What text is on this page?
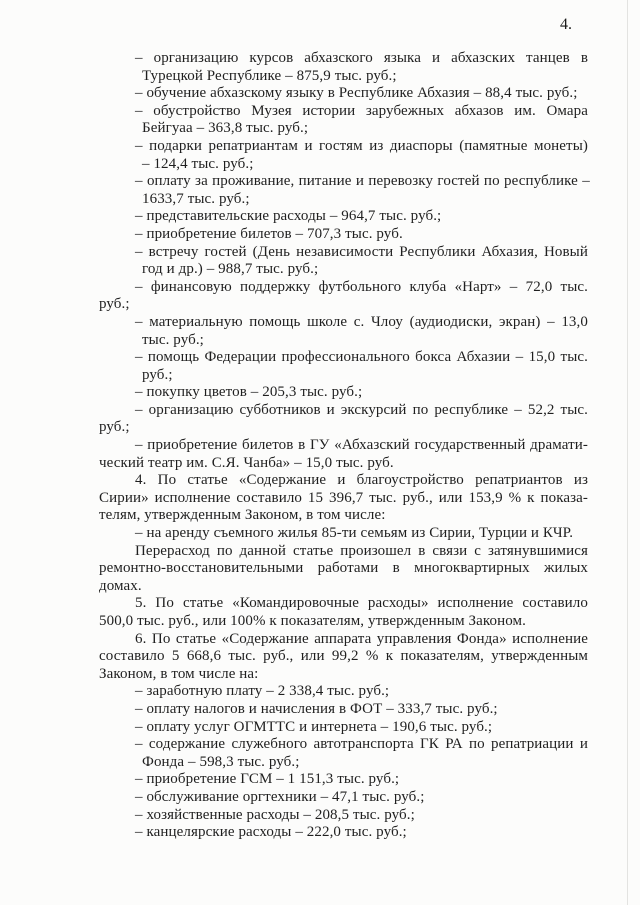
4.
– организацию курсов абхазского языка и абхазских танцев в
Турецкой Республике – 875,9 тыс. руб.;
– обучение абхазскому языку в Республике Абхазия – 88,4 тыс. руб.;
– обустройство Музея истории зарубежных абхазов им. Омара
Бейгуаа – 363,8 тыс. руб.;
– подарки репатриантам и гостям из диаспоры (памятные монеты)
– 124,4 тыс. руб.;
– оплату за проживание, питание и перевозку гостей по республике –
1633,7 тыс. руб.;
– представительские расходы – 964,7 тыс. руб.;
– приобретение билетов – 707,3 тыс. руб.
– встречу гостей (День независимости Республики Абхазия, Новый
год и др.) – 988,7 тыс. руб.;
– финансовую поддержку футбольного клуба «Нарт» – 72,0 тыс.
руб.;
– материальную помощь школе с. Члоу (аудиодиски, экран) – 13,0
тыс. руб.;
– помощь Федерации профессионального бокса Абхазии – 15,0 тыс.
руб.;
– покупку цветов – 205,3 тыс. руб.;
– организацию субботников и экскурсий по республике – 52,2 тыс.
руб.;
– приобретение билетов в ГУ «Абхазский государственный драмати-
ческий театр им. С.Я. Чанба» – 15,0 тыс. руб.
4. По статье «Содержание и благоустройство репатриантов из
Сирии» исполнение составило 15 396,7 тыс. руб., или 153,9 % к показа-
телям, утвержденным Законом, в том числе:
– на аренду съемного жилья 85-ти семьям из Сирии, Турции и КЧР.
Перерасход по данной статье произошел в связи с затянувшимися
ремонтно-восстановительными работами в многоквартирных жилых
домах.
5. По статье «Командировочные расходы» исполнение составило
500,0 тыс. руб., или 100% к показателям, утвержденным Законом.
6. По статье «Содержание аппарата управления Фонда» исполнение
составило 5 668,6 тыс. руб., или 99,2 % к показателям, утвержденным
Законом, в том числе на:
– заработную плату – 2 338,4 тыс. руб.;
– оплату налогов и начисления в ФОТ – 333,7 тыс. руб.;
– оплату услуг ОГМТТС и интернета – 190,6 тыс. руб.;
– содержание служебного автотранспорта ГК РА по репатриации и
Фонда – 598,3 тыс. руб.;
– приобретение ГСМ – 1 151,3 тыс. руб.;
– обслуживание оргтехники – 47,1 тыс. руб.;
– хозяйственные расходы – 208,5 тыс. руб.;
– канцелярские расходы – 222,0 тыс. руб.;
